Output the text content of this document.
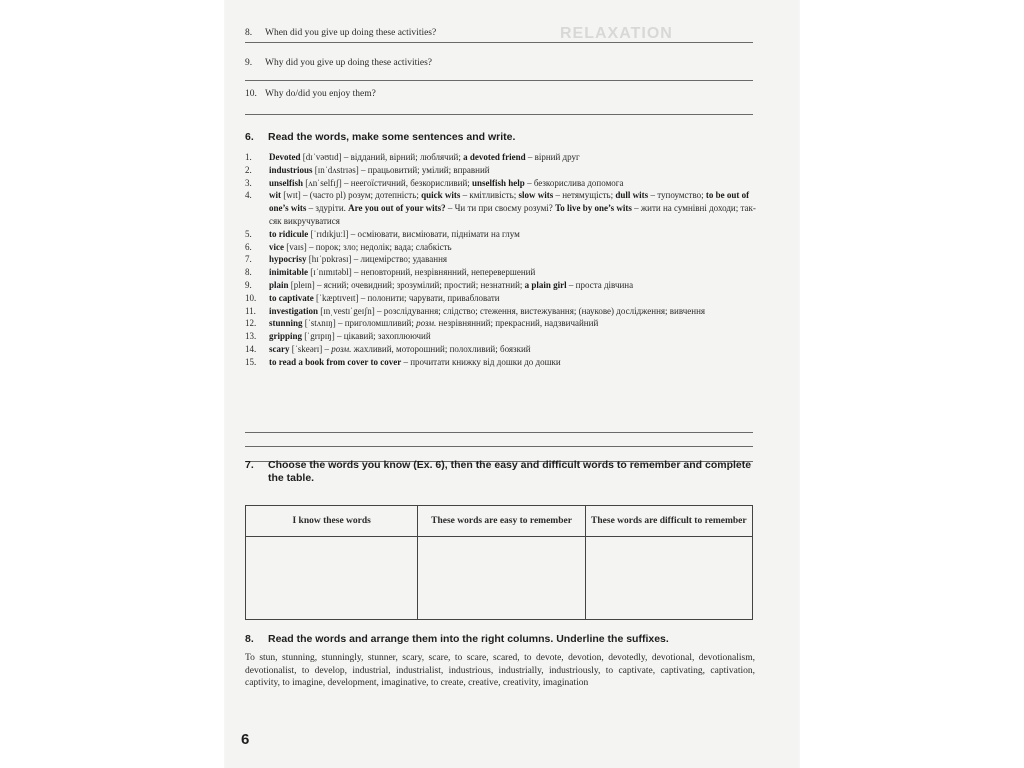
RELAXATION
8. When did you give up doing these activities?
9. Why did you give up doing these activities?
10. Why do/did you enjoy them?
6. Read the words, make some sentences and write.
1. Devoted [dɪˈvəʊtɪd] – відданий, вірний; люблячий; a devoted friend – вірний друг
2. industrious [ɪnˈdʌstrɪəs] – працьовитий; умілий; вправний
3. unselfish [ʌnˈselfɪʃ] – неегоїстичний, безкорисливий; unselfish help – безкорислива допомога
4. wit [wɪt] – (часто pl) розум; дотепність; quick wits – кмітливість; slow wits – нетямущість; dull wits – тупоумство; to be out of one’s wits – здуріти. Are you out of your wits? – Чи ти при своєму розумі? To live by one’s wits – жити на сумнівні доходи; так-сяк викручуватися
5. to ridicule [ˈrɪdɪkjuːl] – осміювати, висміювати, піднімати на глум
6. vice [vaɪs] – порок; зло; недолік; вада; слабкість
7. hypocrisy [hɪˈpɒkrəsɪ] – лицемірство; удавання
8. inimitable [ɪˈnɪmɪtəbl] – неповторний, незрівнянний, неперевершений
9. plain [pleɪn] – ясний; очевидний; зрозумілий; простий; незнатний; a plain girl – проста дівчина
10. to captivate [ˈkæptɪveɪt] – полонити; чарувати, привабловати
11. investigation [ɪnˌvestɪˈgeɪʃn] – розслідування; слідство; стеження, вистежування; (наукове) дослідження; вивчення
12. stunning [ˈstʌnɪŋ] – приголомшливий; розм. незрівнянний; прекрасний, надзвичайний
13. gripping [ˈgrɪpɪŋ] – цікавий; захоплюючий
14. scary [ˈskeərɪ] – розм. жахливий, моторошний; полохливий; боязкий
15. to read a book from cover to cover – прочитати книжку від дошки до дошки
7. Choose the words you know (Ex. 6), then the easy and difficult words to remember and complete the table.
I know these words	These words are easy to remember	These words are difficult to remember

8. Read the words and arrange them into the right columns. Underline the suffixes.
To stun, stunning, stunningly, stunner, scary, scare, to scare, scared, to devote, devotion, devotedly, devotional, devotionalism, devotionalist, to develop, industrial, industrialist, industrious, industrially, industriously, to captivate, captivating, captivation, captivity, to imagine, development, imaginative, to create, creative, creativity, imagination
6
